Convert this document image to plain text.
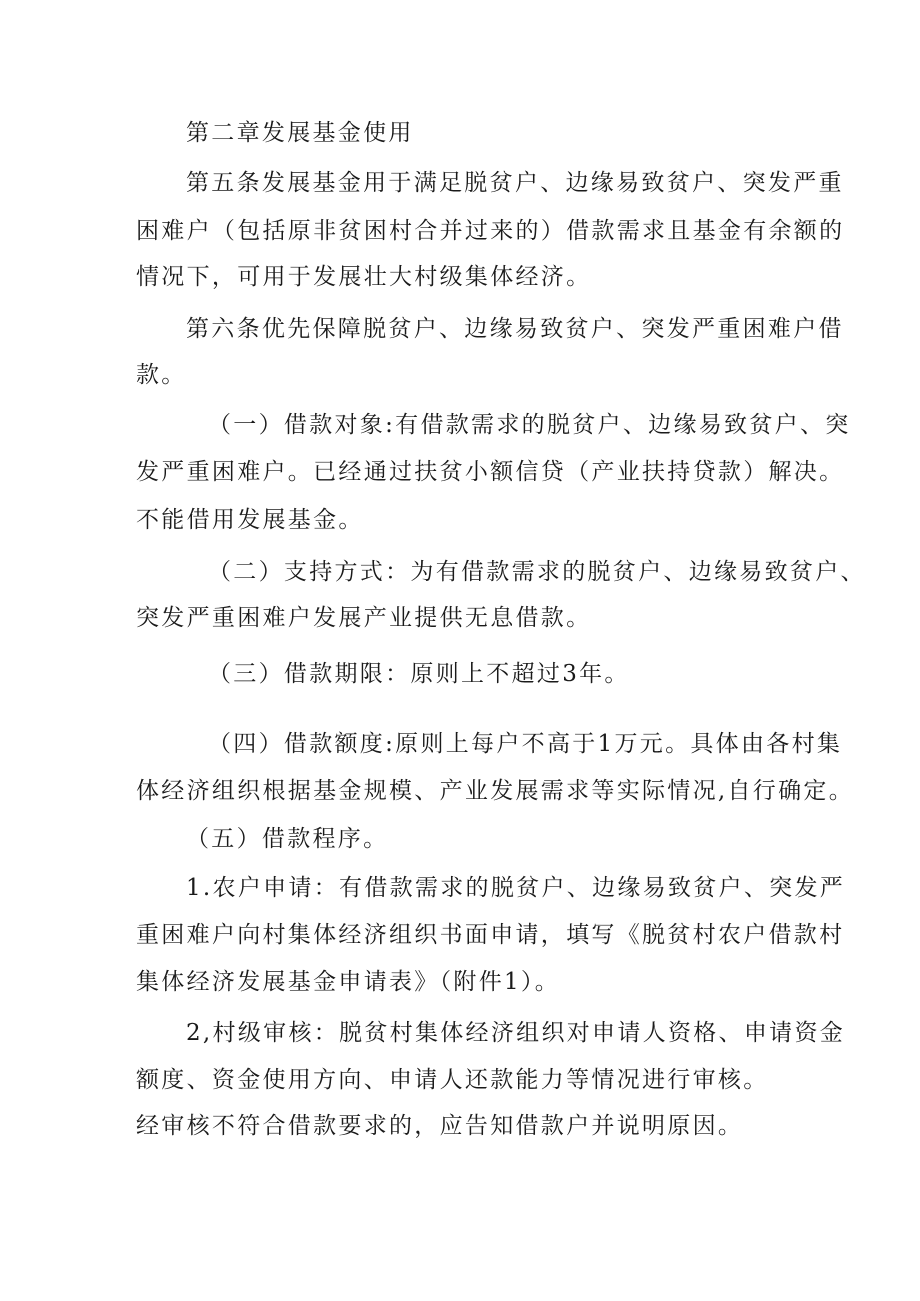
第二章发展基金使用
第五条发展基金用于满足脱贫户、边缘易致贫户、突发严重
困难户（包括原非贫困村合并过来的）借款需求且基金有余额的
情况下，可用于发展壮大村级集体经济。
第六条优先保障脱贫户、边缘易致贫户、突发严重困难户借
款。
（一）借款对象:有借款需求的脱贫户、边缘易致贫户、突
发严重困难户。已经通过扶贫小额信贷（产业扶持贷款）解决。
不能借用发展基金。
（二）支持方式：为有借款需求的脱贫户、边缘易致贫户、
突发严重困难户发展产业提供无息借款。
（三）借款期限：原则上不超过3年。
（四）借款额度:原则上每户不高于1万元。具体由各村集
体经济组织根据基金规模、产业发展需求等实际情况,自行确定。
（五）借款程序。
1.农户申请：有借款需求的脱贫户、边缘易致贫户、突发严
重困难户向村集体经济组织书面申请，填写《脱贫村农户借款村
集体经济发展基金申请表》（附件1）。
2,村级审核：脱贫村集体经济组织对申请人资格、申请资金
额度、资金使用方向、申请人还款能力等情况进行审核。
经审核不符合借款要求的，应告知借款户并说明原因。
